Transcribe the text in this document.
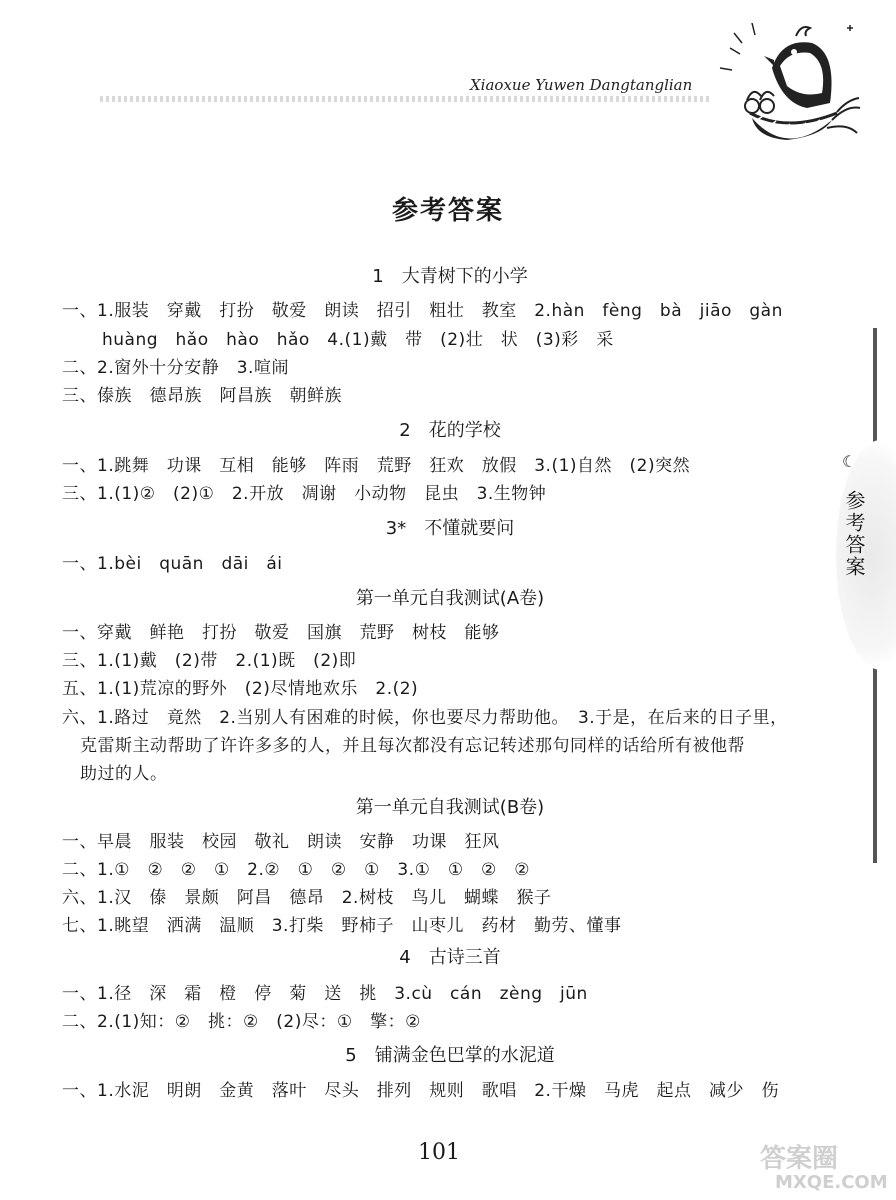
Xiaoxue Yuwen Dangtanglian
☾
参考答案
参考答案
1　大青树下的小学
一、1.服装　穿戴　打扮　敬爱　朗读　招引　粗壮　教室　2.hàn　fèng　bà　jiāo　gàn
huàng　hǎo　hào　hǎo　4.(1)戴　带　(2)壮　状　(3)彩　采
二、2.窗外十分安静　3.喧闹
三、傣族　德昂族　阿昌族　朝鲜族
2　花的学校
一、1.跳舞　功课　互相　能够　阵雨　荒野　狂欢　放假　3.(1)自然　(2)突然
三、1.(1)②　(2)①　2.开放　凋谢　小动物　昆虫　3.生物钟
3*　不懂就要问
一、1.bèi　quān　dāi　ái
第一单元自我测试(A卷)
一、穿戴　鲜艳　打扮　敬爱　国旗　荒野　树枝　能够
三、1.(1)戴　(2)带　2.(1)既　(2)即
五、1.(1)荒凉的野外　(2)尽情地欢乐　2.(2)
六、1.路过　竟然　2.当别人有困难的时候，你也要尽力帮助他。　3.于是，在后来的日子里，
克雷斯主动帮助了许许多多的人，并且每次都没有忘记转述那句同样的话给所有被他帮
助过的人。
第一单元自我测试(B卷)
一、早晨　服装　校园　敬礼　朗读　安静　功课　狂风
二、1.①　②　②　①　2.②　①　②　①　3.①　①　②　②
六、1.汉　傣　景颇　阿昌　德昂　2.树枝　鸟儿　蝴蝶　猴子
七、1.眺望　洒满　温顺　3.打柴　野柿子　山枣儿　药材　勤劳、懂事
4　古诗三首
一、1.径　深　霜　橙　停　菊　送　挑　3.cù　cán　zèng　jūn
二、2.(1)知：②　挑：②　(2)尽：①　擎：②
5　铺满金色巴掌的水泥道
一、1.水泥　明朗　金黄　落叶　尽头　排列　规则　歌唱　2.干燥　马虎　起点　减少　伤
101	答案圈
MXQE.COM
